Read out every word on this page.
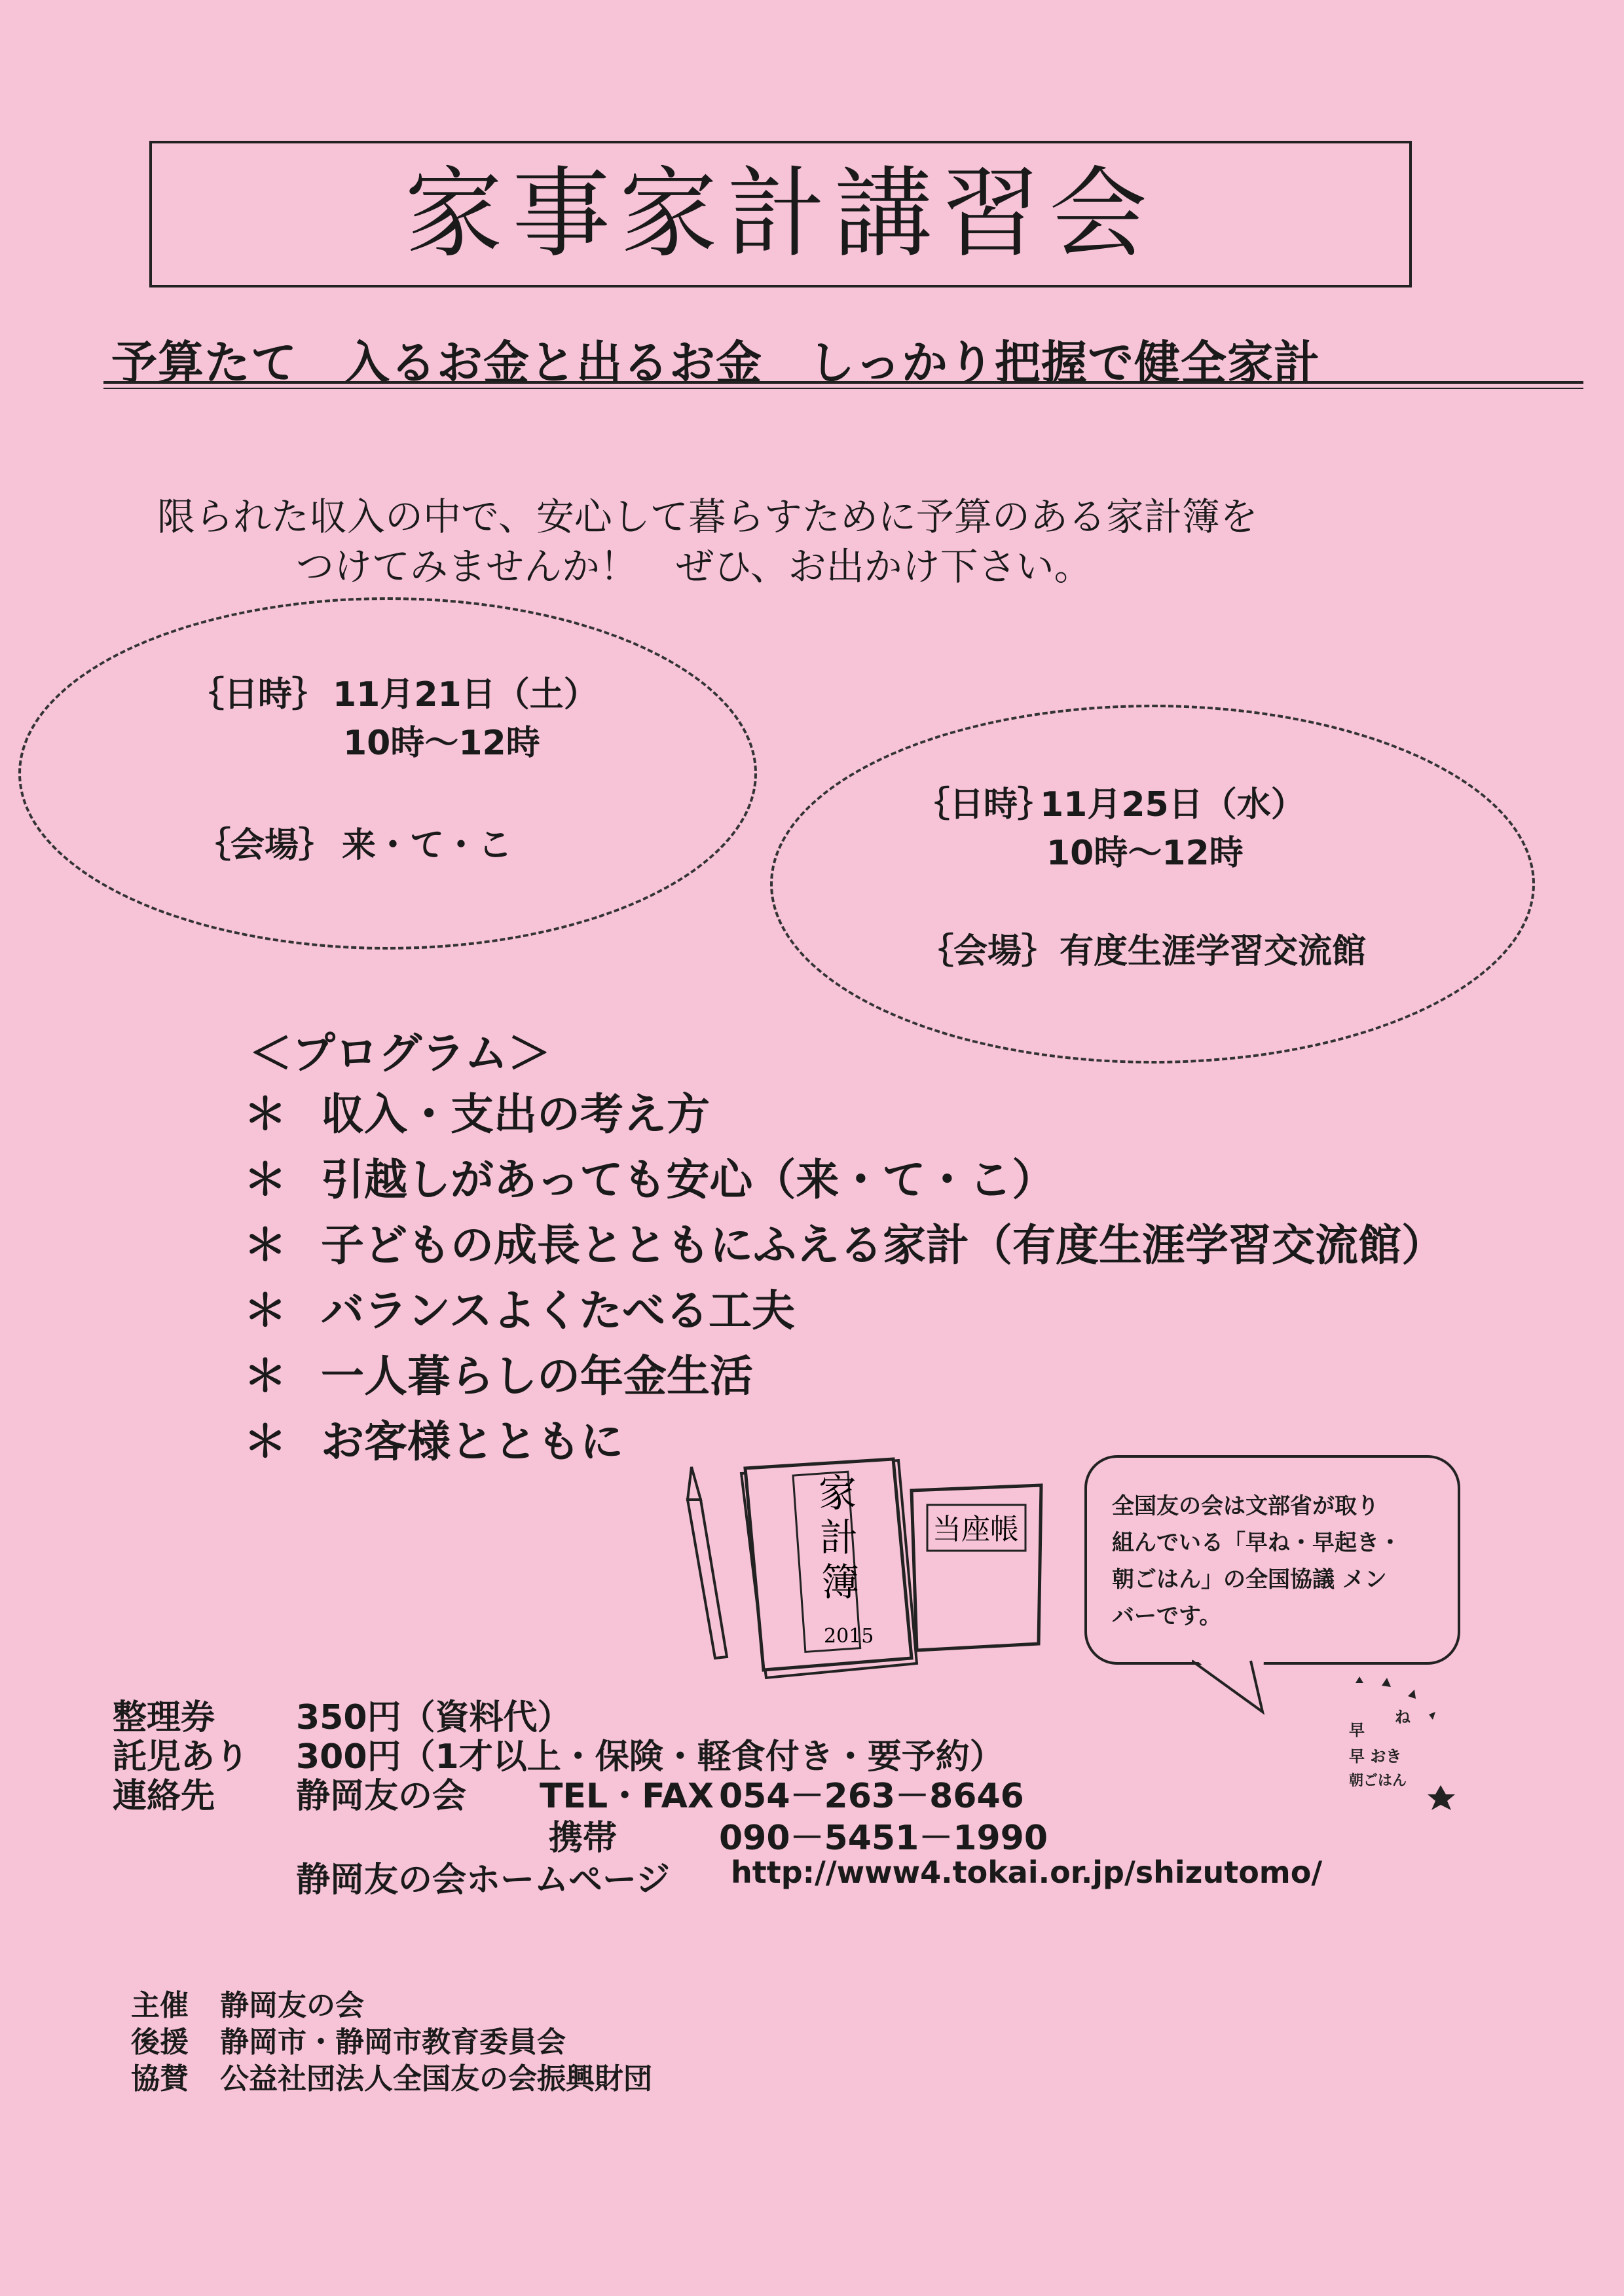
家事家計講習会
予算たて　入るお金と出るお金　しっかり把握で健全家計
限られた収入の中で、安心して暮らすために予算のある家計簿を
つけてみませんか！　ぜひ、お出かけ下さい。
｛日時｝ 11月21日（土）
10時～12時
｛会場｝ 来・て・こ
｛日時｝
11月25日（水）
10時～12時
｛会場｝ 有度生涯学習交流館
＜プログラム＞
＊ 収入・支出の考え方
＊ 引越しがあっても安心（来・て・こ）
＊ 子どもの成長とともにふえる家計（有度生涯学習交流館）
＊ バランスよくたべる工夫
＊ 一人暮らしの年金生活
＊ お客様とともに
家
計
簿
2015
当座帳
全国友の会は文部省が取り
組んでいる「早ね・早起き・
朝ごはん」の全国協議 メン
バーです。
早
ね
早 おき
朝ごはん
整理券 350円（資料代）
託児あり 300円（1才以上・保険・軽食付き・要予約）
連絡先 静岡友の会 TEL・FAX 054－263－8646
携帯	090－5451－1990
静岡友の会ホームページ http://www4.tokai.or.jp/shizutomo/
主催 静岡友の会
後援 静岡市・静岡市教育委員会
協賛 公益社団法人全国友の会振興財団
